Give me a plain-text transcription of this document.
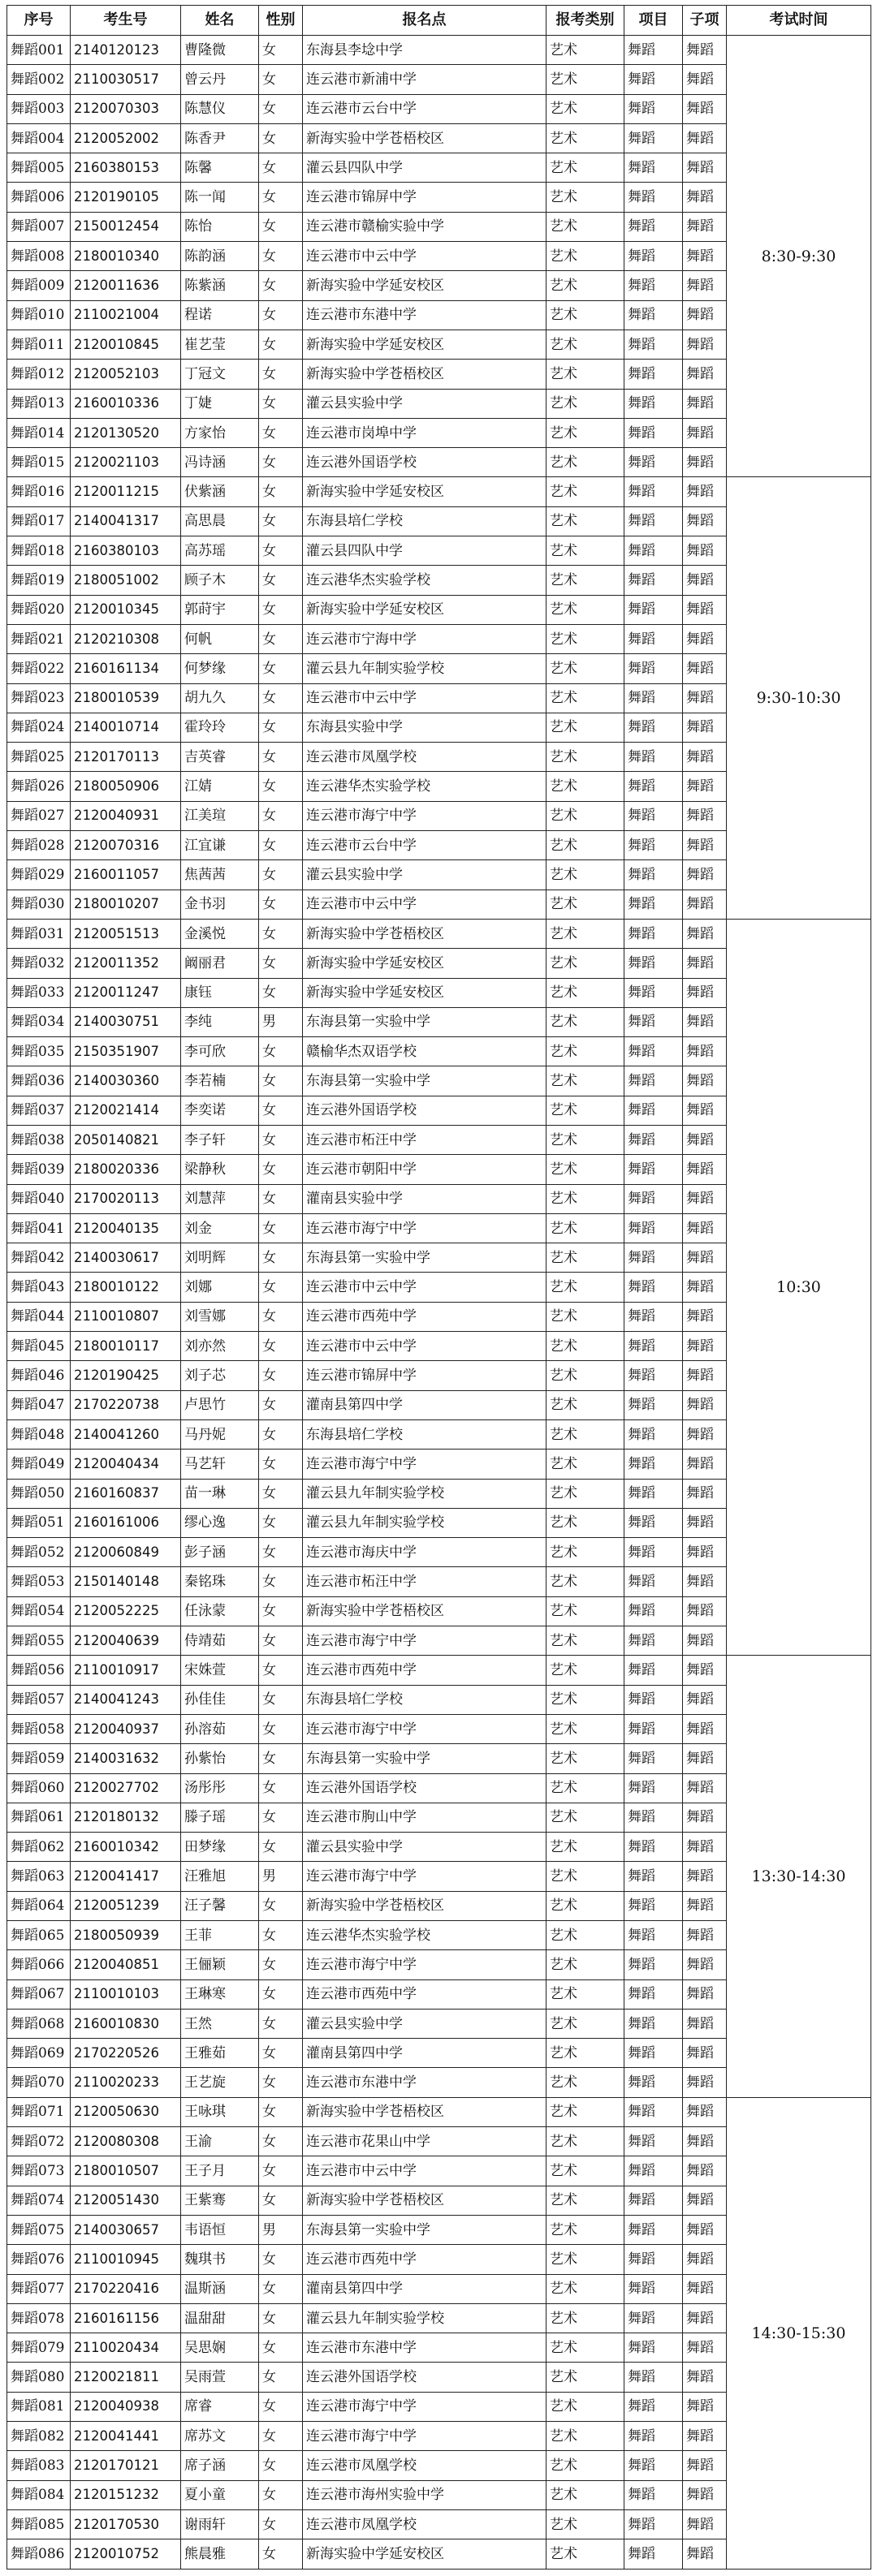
序号	考生号	姓名	性别	报名点	报考类别	项目	子项	考试时间
舞蹈001	2140120123	曹隆微	女	东海县李埝中学	艺术	舞蹈	舞蹈	8:30-9:30
舞蹈002	2110030517	曾云丹	女	连云港市新浦中学	艺术	舞蹈	舞蹈	
舞蹈003	2120070303	陈慧仪	女	连云港市云台中学	艺术	舞蹈	舞蹈	
舞蹈004	2120052002	陈香尹	女	新海实验中学苍梧校区	艺术	舞蹈	舞蹈	
舞蹈005	2160380153	陈馨	女	灌云县四队中学	艺术	舞蹈	舞蹈	
舞蹈006	2120190105	陈一闻	女	连云港市锦屏中学	艺术	舞蹈	舞蹈	
舞蹈007	2150012454	陈怡	女	连云港市赣榆实验中学	艺术	舞蹈	舞蹈	
舞蹈008	2180010340	陈韵涵	女	连云港市中云中学	艺术	舞蹈	舞蹈	
舞蹈009	2120011636	陈紫涵	女	新海实验中学延安校区	艺术	舞蹈	舞蹈	
舞蹈010	2110021004	程诺	女	连云港市东港中学	艺术	舞蹈	舞蹈	
舞蹈011	2120010845	崔艺莹	女	新海实验中学延安校区	艺术	舞蹈	舞蹈	
舞蹈012	2120052103	丁冠文	女	新海实验中学苍梧校区	艺术	舞蹈	舞蹈	
舞蹈013	2160010336	丁婕	女	灌云县实验中学	艺术	舞蹈	舞蹈	
舞蹈014	2120130520	方家怡	女	连云港市岗埠中学	艺术	舞蹈	舞蹈	
舞蹈015	2120021103	冯诗涵	女	连云港外国语学校	艺术	舞蹈	舞蹈	
舞蹈016	2120011215	伏紫涵	女	新海实验中学延安校区	艺术	舞蹈	舞蹈	9:30-10:30
舞蹈017	2140041317	高思晨	女	东海县培仁学校	艺术	舞蹈	舞蹈	
舞蹈018	2160380103	高苏瑶	女	灌云县四队中学	艺术	舞蹈	舞蹈	
舞蹈019	2180051002	顾子木	女	连云港华杰实验学校	艺术	舞蹈	舞蹈	
舞蹈020	2120010345	郭莳宇	女	新海实验中学延安校区	艺术	舞蹈	舞蹈	
舞蹈021	2120210308	何帆	女	连云港市宁海中学	艺术	舞蹈	舞蹈	
舞蹈022	2160161134	何梦缘	女	灌云县九年制实验学校	艺术	舞蹈	舞蹈	
舞蹈023	2180010539	胡九久	女	连云港市中云中学	艺术	舞蹈	舞蹈	
舞蹈024	2140010714	霍玲玲	女	东海县实验中学	艺术	舞蹈	舞蹈	
舞蹈025	2120170113	吉英睿	女	连云港市凤凰学校	艺术	舞蹈	舞蹈	
舞蹈026	2180050906	江婧	女	连云港华杰实验学校	艺术	舞蹈	舞蹈	
舞蹈027	2120040931	江美瑄	女	连云港市海宁中学	艺术	舞蹈	舞蹈	
舞蹈028	2120070316	江宜谦	女	连云港市云台中学	艺术	舞蹈	舞蹈	
舞蹈029	2160011057	焦茜茜	女	灌云县实验中学	艺术	舞蹈	舞蹈	
舞蹈030	2180010207	金书羽	女	连云港市中云中学	艺术	舞蹈	舞蹈	
舞蹈031	2120051513	金溪悦	女	新海实验中学苍梧校区	艺术	舞蹈	舞蹈	10:30
舞蹈032	2120011352	阚丽君	女	新海实验中学延安校区	艺术	舞蹈	舞蹈	
舞蹈033	2120011247	康钰	女	新海实验中学延安校区	艺术	舞蹈	舞蹈	
舞蹈034	2140030751	李纯	男	东海县第一实验中学	艺术	舞蹈	舞蹈	
舞蹈035	2150351907	李可欣	女	赣榆华杰双语学校	艺术	舞蹈	舞蹈	
舞蹈036	2140030360	李若楠	女	东海县第一实验中学	艺术	舞蹈	舞蹈	
舞蹈037	2120021414	李奕诺	女	连云港外国语学校	艺术	舞蹈	舞蹈	
舞蹈038	2050140821	李子轩	女	连云港市柘汪中学	艺术	舞蹈	舞蹈	
舞蹈039	2180020336	梁静秋	女	连云港市朝阳中学	艺术	舞蹈	舞蹈	
舞蹈040	2170020113	刘慧萍	女	灌南县实验中学	艺术	舞蹈	舞蹈	
舞蹈041	2120040135	刘金	女	连云港市海宁中学	艺术	舞蹈	舞蹈	
舞蹈042	2140030617	刘明辉	女	东海县第一实验中学	艺术	舞蹈	舞蹈	
舞蹈043	2180010122	刘娜	女	连云港市中云中学	艺术	舞蹈	舞蹈	
舞蹈044	2110010807	刘雪娜	女	连云港市西苑中学	艺术	舞蹈	舞蹈	
舞蹈045	2180010117	刘亦然	女	连云港市中云中学	艺术	舞蹈	舞蹈	
舞蹈046	2120190425	刘子芯	女	连云港市锦屏中学	艺术	舞蹈	舞蹈	
舞蹈047	2170220738	卢思竹	女	灌南县第四中学	艺术	舞蹈	舞蹈	
舞蹈048	2140041260	马丹妮	女	东海县培仁学校	艺术	舞蹈	舞蹈	
舞蹈049	2120040434	马艺轩	女	连云港市海宁中学	艺术	舞蹈	舞蹈	
舞蹈050	2160160837	苗一琳	女	灌云县九年制实验学校	艺术	舞蹈	舞蹈	
舞蹈051	2160161006	缪心逸	女	灌云县九年制实验学校	艺术	舞蹈	舞蹈	
舞蹈052	2120060849	彭子涵	女	连云港市海庆中学	艺术	舞蹈	舞蹈	
舞蹈053	2150140148	秦铭珠	女	连云港市柘汪中学	艺术	舞蹈	舞蹈	
舞蹈054	2120052225	任泳蒙	女	新海实验中学苍梧校区	艺术	舞蹈	舞蹈	
舞蹈055	2120040639	侍靖茹	女	连云港市海宁中学	艺术	舞蹈	舞蹈	
舞蹈056	2110010917	宋姝萱	女	连云港市西苑中学	艺术	舞蹈	舞蹈	13:30-14:30
舞蹈057	2140041243	孙佳佳	女	东海县培仁学校	艺术	舞蹈	舞蹈	
舞蹈058	2120040937	孙溶茹	女	连云港市海宁中学	艺术	舞蹈	舞蹈	
舞蹈059	2140031632	孙紫怡	女	东海县第一实验中学	艺术	舞蹈	舞蹈	
舞蹈060	2120027702	汤彤彤	女	连云港外国语学校	艺术	舞蹈	舞蹈	
舞蹈061	2120180132	滕子瑶	女	连云港市朐山中学	艺术	舞蹈	舞蹈	
舞蹈062	2160010342	田梦缘	女	灌云县实验中学	艺术	舞蹈	舞蹈	
舞蹈063	2120041417	汪雅旭	男	连云港市海宁中学	艺术	舞蹈	舞蹈	
舞蹈064	2120051239	汪子馨	女	新海实验中学苍梧校区	艺术	舞蹈	舞蹈	
舞蹈065	2180050939	王菲	女	连云港华杰实验学校	艺术	舞蹈	舞蹈	
舞蹈066	2120040851	王俪颖	女	连云港市海宁中学	艺术	舞蹈	舞蹈	
舞蹈067	2110010103	王琳寒	女	连云港市西苑中学	艺术	舞蹈	舞蹈	
舞蹈068	2160010830	王然	女	灌云县实验中学	艺术	舞蹈	舞蹈	
舞蹈069	2170220526	王雅茹	女	灌南县第四中学	艺术	舞蹈	舞蹈	
舞蹈070	2110020233	王艺旋	女	连云港市东港中学	艺术	舞蹈	舞蹈	
舞蹈071	2120050630	王咏琪	女	新海实验中学苍梧校区	艺术	舞蹈	舞蹈	14:30-15:30
舞蹈072	2120080308	王渝	女	连云港市花果山中学	艺术	舞蹈	舞蹈	
舞蹈073	2180010507	王子月	女	连云港市中云中学	艺术	舞蹈	舞蹈	
舞蹈074	2120051430	王紫骞	女	新海实验中学苍梧校区	艺术	舞蹈	舞蹈	
舞蹈075	2140030657	韦语恒	男	东海县第一实验中学	艺术	舞蹈	舞蹈	
舞蹈076	2110010945	魏琪书	女	连云港市西苑中学	艺术	舞蹈	舞蹈	
舞蹈077	2170220416	温斯涵	女	灌南县第四中学	艺术	舞蹈	舞蹈	
舞蹈078	2160161156	温甜甜	女	灌云县九年制实验学校	艺术	舞蹈	舞蹈	
舞蹈079	2110020434	吴思娴	女	连云港市东港中学	艺术	舞蹈	舞蹈	
舞蹈080	2120021811	吴雨萱	女	连云港外国语学校	艺术	舞蹈	舞蹈	
舞蹈081	2120040938	席睿	女	连云港市海宁中学	艺术	舞蹈	舞蹈	
舞蹈082	2120041441	席苏文	女	连云港市海宁中学	艺术	舞蹈	舞蹈	
舞蹈083	2120170121	席子涵	女	连云港市凤凰学校	艺术	舞蹈	舞蹈	
舞蹈084	2120151232	夏小童	女	连云港市海州实验中学	艺术	舞蹈	舞蹈	
舞蹈085	2120170530	谢雨轩	女	连云港市凤凰学校	艺术	舞蹈	舞蹈	
舞蹈086	2120010752	熊晨雅	女	新海实验中学延安校区	艺术	舞蹈	舞蹈	
